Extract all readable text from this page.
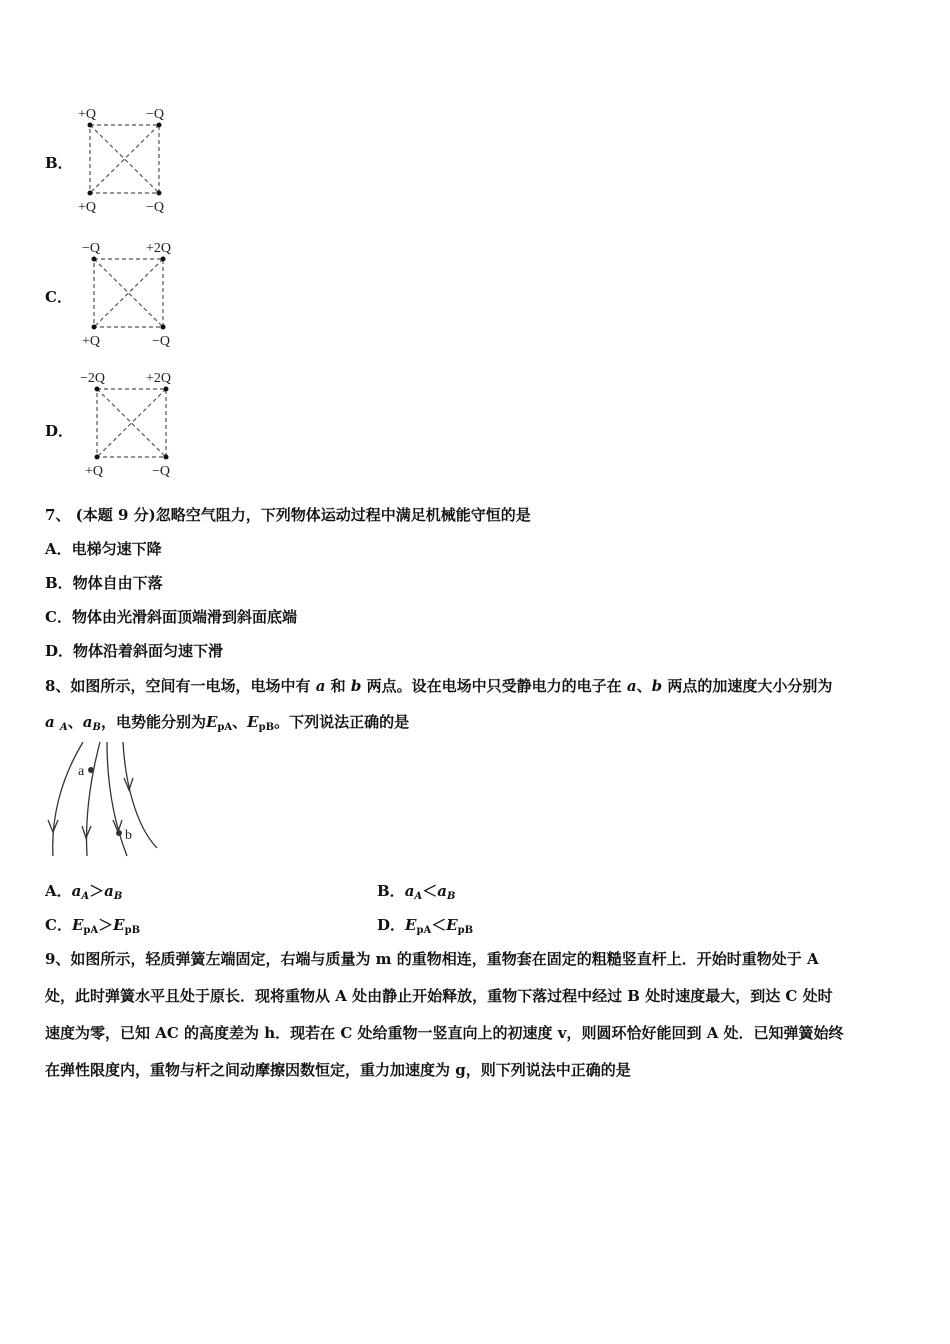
B．
+Q	−Q
+Q	−Q
C．
−Q	+2Q
+Q	−Q
D．
−2Q	+2Q
+Q	−Q
7、 (本题 9 分)忽略空气阻力，下列物体运动过程中满足机械能守恒的是
A．电梯匀速下降
B．物体自由下落
C．物体由光滑斜面顶端滑到斜面底端
D．物体沿着斜面匀速下滑
8、如图所示，空间有一电场，电场中有 a 和 b 两点。设在电场中只受静电力的电子在 a、b 两点的加速度大小分别为
a $_A$、$a_B$，电势能分别为$E_{pA}$、$E_{pB}$。下列说法正确的是
a
b
A．$a_A>a_B$	B．$a_A<a_B$
C．$E_{pA}>E_{pB}$	D．$E_{pA}<E_{pB}$
9、如图所示，轻质弹簧左端固定，右端与质量为 m 的重物相连，重物套在固定的粗糙竖直杆上．开始时重物处于 A
处，此时弹簧水平且处于原长．现将重物从 A 处由静止开始释放，重物下落过程中经过 B 处时速度最大，到达 C 处时
速度为零，已知 AC 的高度差为 h．现若在 C 处给重物一竖直向上的初速度 v，则圆环恰好能回到 A 处．已知弹簧始终
在弹性限度内，重物与杆之间动摩擦因数恒定，重力加速度为 g，则下列说法中正确的是
